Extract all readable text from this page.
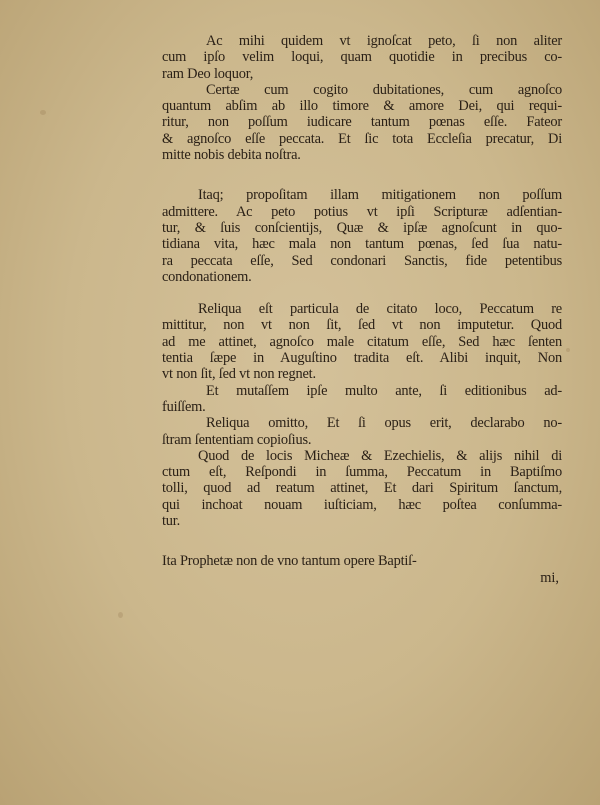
Ac mihi quidem vt ignoſcat peto, ſi non aliter
cum ipſo velim loqui, quam quotidie in precibus co-
ram Deo loquor,
Certæ cum cogito dubitationes, cum agnoſco
quantum abſim ab illo timore & amore Dei, qui requi-
ritur, non poſſum iudicare tantum pœnas eſſe. Fateor
& agnoſco eſſe peccata. Et ſic tota Eccleſia precatur, Di
mitte nobis debita noſtra.
Itaq; propoſitam illam mitigationem non poſſum
admittere. Ac peto potius vt ipſi Scripturæ adſentian-
tur, & ſuis conſcientijs, Quæ & ipſæ agnoſcunt in quo-
tidiana vita, hæc mala non tantum pœnas, ſed ſua natu-
ra peccata eſſe, Sed condonari Sanctis, fide petentibus
condonationem.
Reliqua eſt particula de citato loco, Peccatum re
mittitur, non vt non ſit, ſed vt non imputetur. Quod
ad me attinet, agnoſco male citatum eſſe, Sed hæc ſenten
tentia ſæpe in Auguſtino tradita eſt. Alibi inquit, Non
vt non ſit, ſed vt non regnet.
Et mutaſſem ipſe multo ante, ſi editionibus ad-
fuiſſem.
Reliqua omitto, Et ſi opus erit, declarabo no-
ſtram ſententiam copioſius.
Quod de locis Micheæ & Ezechielis, & alijs nihil di
ctum eſt, Reſpondi in ſumma, Peccatum in Baptiſmo
tolli, quod ad reatum attinet, Et dari Spiritum ſanctum,
qui inchoat nouam iuſticiam, hæc poſtea conſumma-
tur.
Ita Prophetæ non de vno tantum opere Baptiſ-
mi,
